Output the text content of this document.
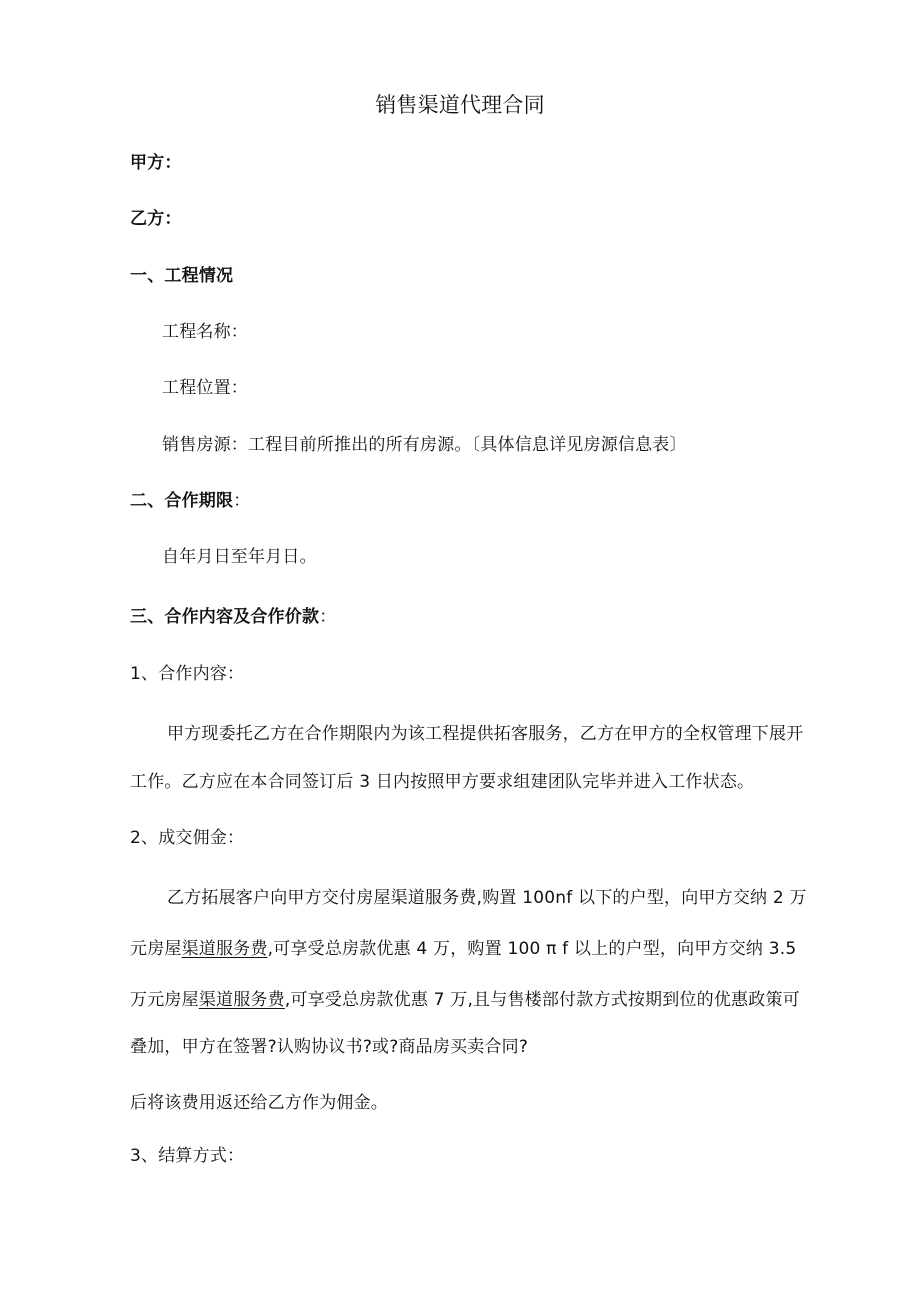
销售渠道代理合同
甲方：
乙方：
一、工程情况
工程名称：
工程位置：
销售房源：工程目前所推出的所有房源。〔具体信息详见房源信息表〕
二、合作期限：
自年月日至年月日。
三、合作内容及合作价款：
1、合作内容：
甲方现委托乙方在合作期限内为该工程提供拓客服务，乙方在甲方的全权管理下展开
工作。乙方应在本合同签订后 3 日内按照甲方要求组建团队完毕并进入工作状态。
2、成交佣金：
乙方拓展客户向甲方交付房屋渠道服务费,购置 100nf 以下的户型，向甲方交纳 2 万
元房屋渠道服务费,可享受总房款优惠 4 万，购置 100 π f 以上的户型，向甲方交纳 3.5
万元房屋渠道服务费,可享受总房款优惠 7 万,且与售楼部付款方式按期到位的优惠政策可
叠加，甲方在签署?认购协议书?或?商品房买卖合同?
后将该费用返还给乙方作为佣金。
3、结算方式：
